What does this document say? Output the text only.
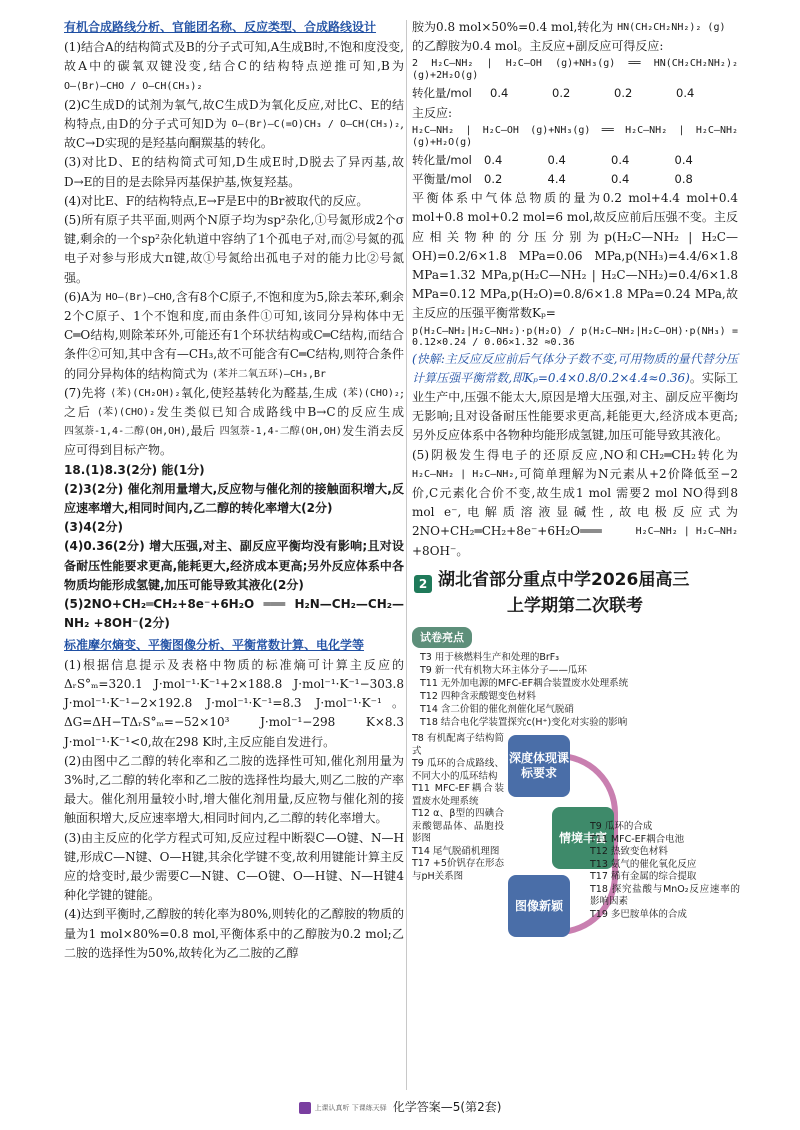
有机合成路线分析、官能团名称、反应类型、合成路线设计

(1)结合A的结构简式及B的分子式可知,A生成B时,不饱和度没变,故A中的碳氧双键没变,结合C的结构特点逆推可知,B为 O—⟨Br⟩—CHO / O—CH(CH₃)₂

(2)C生成D的试剂为氧气,故C生成D为氧化反应,对比C、E的结构特点,由D的分子式可知D为 O—⟨Br⟩—C(=O)CH₃ / O—CH(CH₃)₂,故C→D实现的是羟基向酮羰基的转化。

(3)对比D、E的结构简式可知,D生成E时,D脱去了异丙基,故D→E的目的是去除异丙基保护基,恢复羟基。

(4)对比E、F的结构特点,E→F是E中的Br被取代的反应。

(5)所有原子共平面,则两个N原子均为sp²杂化,①号氮形成2个σ键,剩余的一个sp²杂化轨道中容纳了1个孤电子对,而②号氮的孤电子对参与形成大π键,故①号氮给出孤电子对的能力比②号氮强。

(6)A为 HO—⟨Br⟩—CHO,含有8个C原子,不饱和度为5,除去苯环,剩余2个C原子、1个不饱和度,而由条件①可知,该同分异构体中无C═O结构,则除苯环外,可能还有1个环状结构或C═C结构,而结合条件②可知,其中含有—CH₃,故不可能含有C═C结构,则符合条件的同分异构体的结构简式为 ⟨苯并二氧五环⟩—CH₃,Br

(7)先将 ⟨苯⟩(CH₂OH)₂氧化,使羟基转化为醛基,生成 ⟨苯⟩(CHO)₂;之后 ⟨苯⟩(CHO)₂发生类似已知合成路线中B→C的反应生成 四氢萘-1,4-二醇(OH,OH),最后 四氢萘-1,4-二醇(OH,OH)发生消去反应可得到目标产物。

18.(1)8.3(2分) 能(1分)

(2)3(2分) 催化剂用量增大,反应物与催化剂的接触面积增大,反应速率增大,相同时间内,乙二醇的转化率增大(2分)

(3)4(2分)

(4)0.36(2分) 增大压强,对主、副反应平衡均没有影响;且对设备耐压性能要求更高,能耗更大,经济成本更高;另外反应体系中各物质均能形成氢键,加压可能导致其液化(2分)

(5)2NO+CH₂═CH₂+8e⁻+6H₂O ═══ H₂N—CH₂—CH₂—NH₂ +8OH⁻(2分)

标准摩尔熵变、平衡图像分析、平衡常数计算、电化学等

(1)根据信息提示及表格中物质的标准熵可计算主反应的ΔᵣS°ₘ=320.1 J·mol⁻¹·K⁻¹+2×188.8 J·mol⁻¹·K⁻¹−303.8 J·mol⁻¹·K⁻¹−2×192.8 J·mol⁻¹·K⁻¹=8.3 J·mol⁻¹·K⁻¹。ΔG=ΔH−TΔᵣS°ₘ=−52×10³ J·mol⁻¹−298 K×8.3 J·mol⁻¹·K⁻¹<0,故在298 K时,主反应能自发进行。

(2)由图中乙二醇的转化率和乙二胺的选择性可知,催化剂用量为3%时,乙二醇的转化率和乙二胺的选择性均最大,则乙二胺的产率最大。催化剂用量较小时,增大催化剂用量,反应物与催化剂的接触面积增大,反应速率增大,相同时间内,乙二醇的转化率增大。

(3)由主反应的化学方程式可知,反应过程中断裂C—O键、N—H键,形成C—N键、O—H键,其余化学键不变,故利用键能计算主反应的焓变时,最少需要C—N键、C—O键、O—H键、N—H键4种化学键的键能。

(4)达到平衡时,乙醇胺的转化率为80%,则转化的乙醇胺的物质的量为1 mol×80%=0.8 mol,平衡体系中的乙醇胺为0.2 mol;乙二胺的选择性为50%,故转化为乙二胺的乙醇

胺为0.8 mol×50%=0.4 mol,转化为 HN(CH₂CH₂NH₂)₂ (g)

的乙醇胺为0.4 mol。主反应+副反应可得反应:

2 H₂C—NH₂ | H₂C—OH (g)+NH₃(g) ══ HN(CH₂CH₂NH₂)₂ (g)+2H₂O(g)
转化量/mol	0.4	0.2	0.2	0.4

主反应:

H₂C—NH₂ | H₂C—OH (g)+NH₃(g) ══ H₂C—NH₂ | H₂C—NH₂ (g)+H₂O(g)
转化量/mol	0.4	0.4	0.4	0.4
平衡量/mol	0.2	4.4	0.4	0.8

平衡体系中气体总物质的量为0.2 mol+4.4 mol+0.4 mol+0.8 mol+0.2 mol=6 mol,故反应前后压强不变。主反应相关物种的分压分别为p(H₂C—NH₂ | H₂C—OH)=0.2/6×1.8 MPa=0.06 MPa,p(NH₃)=4.4/6×1.8 MPa=1.32 MPa,p(H₂C—NH₂ | H₂C—NH₂)=0.4/6×1.8 MPa=0.12 MPa,p(H₂O)=0.8/6×1.8 MPa=0.24 MPa,故主反应的压强平衡常数Kₚ=

p(H₂C—NH₂|H₂C—NH₂)·p(H₂O) / p(H₂C—NH₂|H₂C—OH)·p(NH₃) = 0.12×0.24 / 0.06×1.32 ≈0.36

(快解:主反应反应前后气体分子数不变,可用物质的量代替分压计算压强平衡常数,即Kₚ=0.4×0.8/0.2×4.4≈0.36)。实际工业生产中,压强不能太大,原因是增大压强,对主、副反应平衡均无影响;且对设备耐压性能要求更高,耗能更大,经济成本更高;另外反应体系中各物种均能形成氢键,加压可能导致其液化。

(5)阴极发生得电子的还原反应,NO和CH₂═CH₂转化为 H₂C—NH₂ | H₂C—NH₂,可简单理解为N元素从+2价降低至−2价,C元素化合价不变,故生成1 mol 需要2 mol NO得到8 mol e⁻,电解质溶液显碱性,故电极反应式为2NO+CH₂═CH₂+8e⁻+6H₂O═══	H₂C—NH₂ | H₂C—NH₂+8OH⁻。

2 湖北省部分重点中学2026届高三
上学期第二次联考
试卷亮点
T3 用于核燃料生产和处理的BrF₃
T9 新一代有机物大环主体分子——瓜环
T11 无外加电源的MFC-EF耦合装置废水处理系统
T12 四种含汞酸锶变色材料
T14 含二价钼的催化剂催化尾气脱硝
T18 结合电化学装置探究c(H⁺)变化对实验的影响
T8 有机配离子结构简式
T9 瓜环的合成路线、不同大小的瓜环结构
T11 MFC-EF耦合装置废水处理系统
T12 α、β型的四碘合汞酸锶晶体、晶胞投影图
T14 尾气脱硝机理图
T17 +5价钒存在形态与pH关系图
深度体现课标要求
情境丰富
图像新颖
T9 瓜环的合成
T11 MFC-EF耦合电池
T12 热致变色材料
T13 氨气的催化氧化反应
T17 稀有金属的综合提取
T18 探究盐酸与MnO₂反应速率的影响因素
T19 多巴胺单体的合成
上课认真听 下课练天驿 化学答案—5(第2套)
